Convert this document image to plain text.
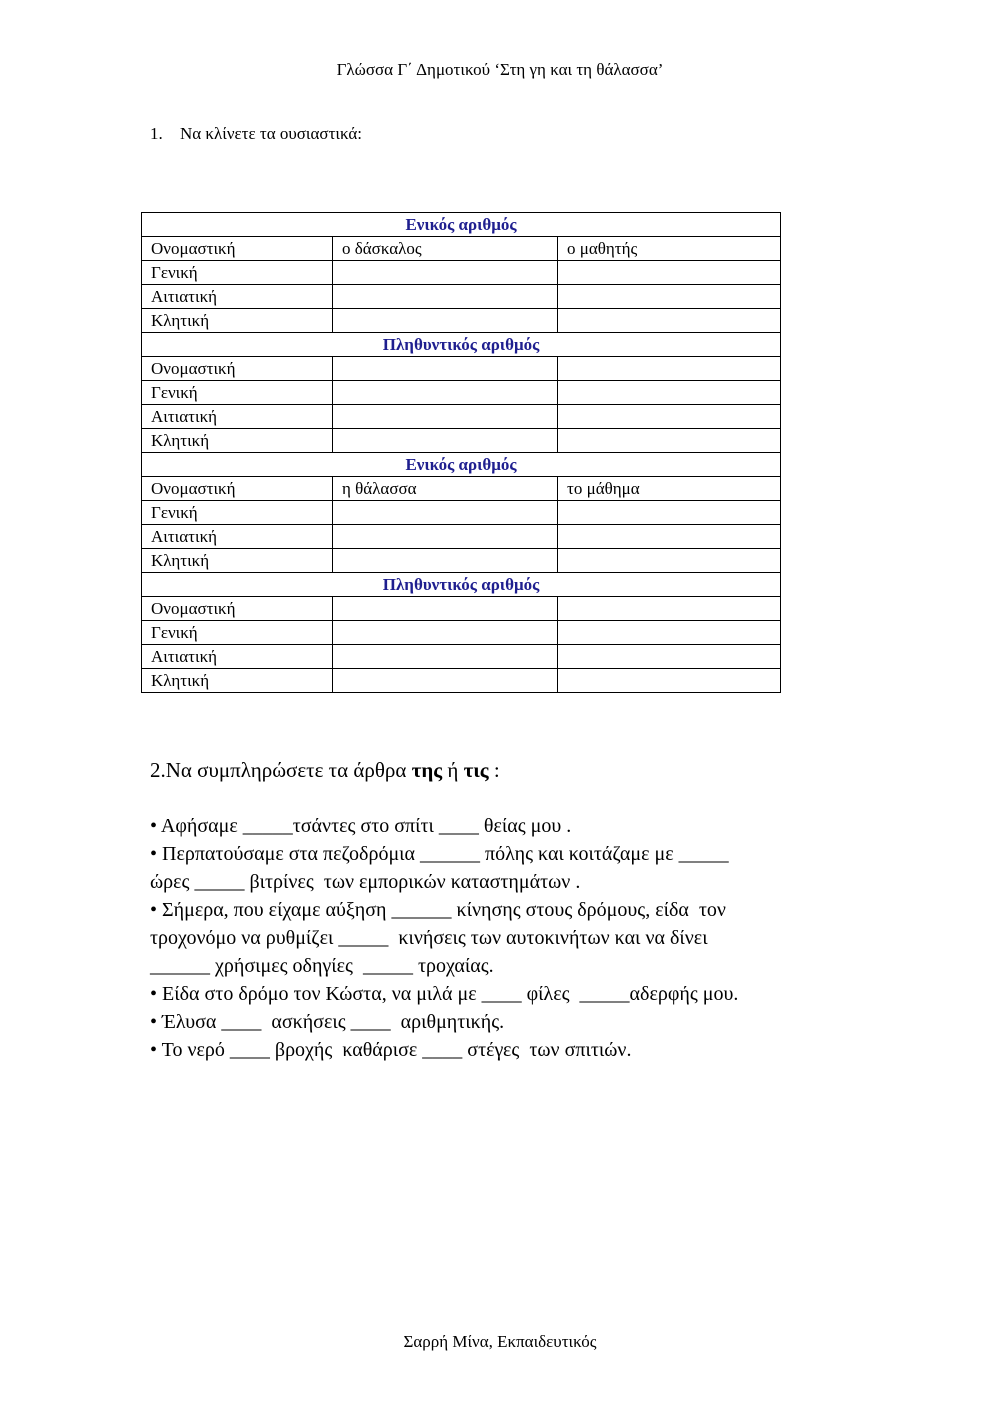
Γλώσσα Γ΄ Δημοτικού ‘Στη γη και τη θάλασσα’
1. Να κλίνετε τα ουσιαστικά:
Ενικός αριθμός		
Ονομαστική	ο δάσκαλος	ο μαθητής
Γενική		
Αιτιατική		
Κλητική		
Πληθυντικός αριθμός		
Ονομαστική		
Γενική		
Αιτιατική		
Κλητική		
Ενικός αριθμός		
Ονομαστική	η θάλασσα	το μάθημα
Γενική		
Αιτιατική		
Κλητική		
Πληθυντικός αριθμός		
Ονομαστική		
Γενική		
Αιτιατική		
Κλητική		
2.Να συμπληρώσετε τα άρθρα της ή τις :

• Αφήσαμε _____τσάντες στο σπίτι ____ θείας μου .

• Περπατούσαμε στα πεζοδρόμια ______ πόλης και κοιτάζαμε με _____

ώρες _____ βιτρίνες  των εμπορικών καταστημάτων .

• Σήμερα, που είχαμε αύξηση ______ κίνησης στους δρόμους, είδα  τον

τροχονόμο να ρυθμίζει _____  κινήσεις των αυτοκινήτων και να δίνει

______ χρήσιμες οδηγίες  _____ τροχαίας.

• Είδα στο δρόμο τον Κώστα, να μιλά με ____ φίλες  _____αδερφής μου.

• Έλυσα ____  ασκήσεις ____  αριθμητικής.

• Το νερό ____ βροχής  καθάρισε ____ στέγες  των σπιτιών.

Σαρρή Μίνα, Εκπαιδευτικός
